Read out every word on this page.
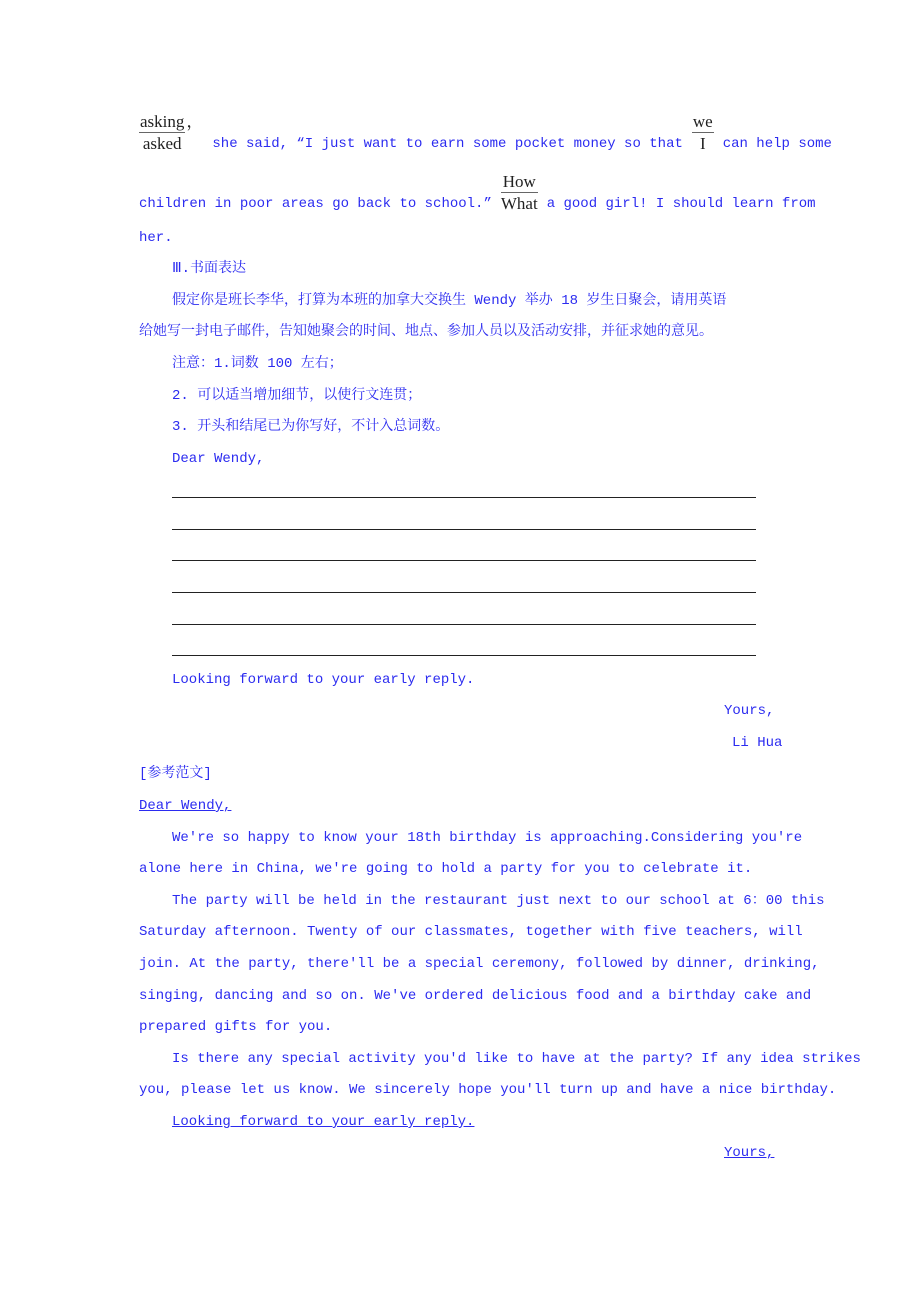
$\frac{\text{asking}}{\text{asked}}$ ，
she said, “I just want to earn some pocket money so that $\frac{we}{I}$ can help some
children in poor areas go back to school.” $\frac{\text{How}}{\text{What}}$ a good girl! I should learn from
her.
Ⅲ.书面表达
假定你是班长李华，打算为本班的加拿大交换生 Wendy 举办 18 岁生日聚会，请用英语
给她写一封电子邮件，告知她聚会的时间、地点、参加人员以及活动安排，并征求她的意见。
注意：1.词数 100 左右；
2. 可以适当增加细节，以使行文连贯；
3. 开头和结尾已为你写好，不计入总词数。
Dear Wendy,
Looking forward to your early reply.
Yours,
Li Hua
[参考范文]
Dear Wendy,
We're so happy to know your 18th birthday is approaching.Considering you're
alone here in China, we're going to hold a party for you to celebrate it.
The party will be held in the restaurant just next to our school at 6：00 this
Saturday afternoon. Twenty of our classmates, together with five teachers, will
join. At the party, there'll be a special ceremony, followed by dinner, drinking,
singing, dancing and so on. We've ordered delicious food and a birthday cake and
prepared gifts for you.
Is there any special activity you'd like to have at the party? If any idea strikes
you, please let us know. We sincerely hope you'll turn up and have a nice birthday.
Looking forward to your early reply.
Yours,
